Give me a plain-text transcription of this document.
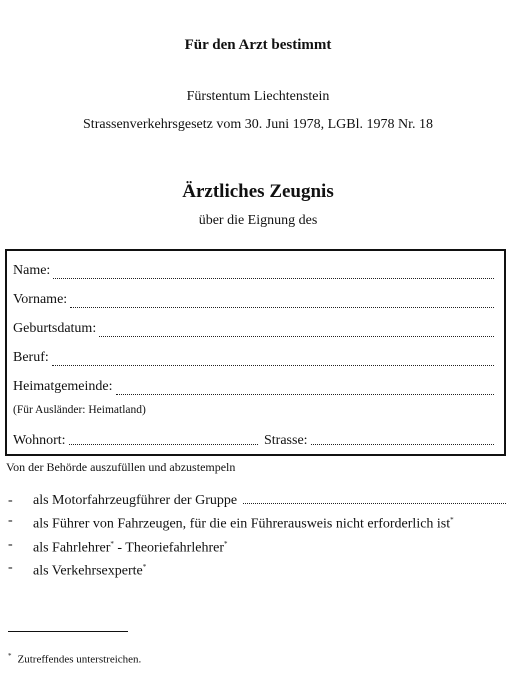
Für den Arzt bestimmt
Fürstentum Liechtenstein
Strassenverkehrsgesetz vom 30. Juni 1978, LGBl. 1978 Nr. 18
Ärztliches Zeugnis
über die Eignung des
Name:
Vorname:
Geburtsdatum:
Beruf:
Heimatgemeinde:
(Für Ausländer: Heimatland)
Wohnort:	Strasse:
Von der Behörde auszufüllen und abzustempeln
- als Motorfahrzeugführer der Gruppe
- als Führer von Fahrzeugen, für die ein Führerausweis nicht erforderlich ist*
- als Fahrlehrer* - Theoriefahrlehrer*
- als Verkehrsexperte*
* Zutreffendes unterstreichen.
